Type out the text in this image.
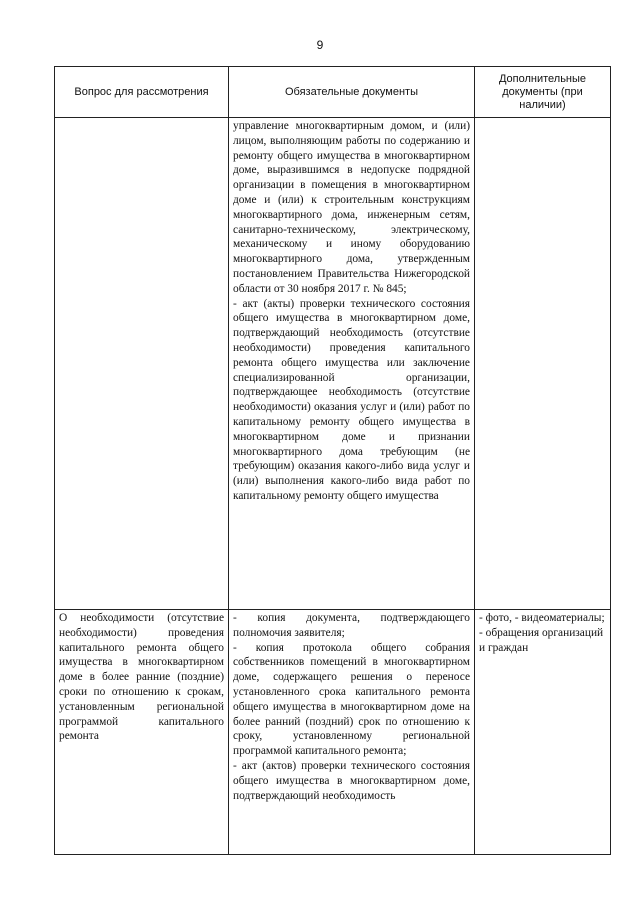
9
Вопрос для рассмотрения	Обязательные документы
Дополнительные документы (при наличии)
управление многоквартирным домом, и (или) лицом, выполняющим работы по содержанию и ремонту общего имущества в многоквартирном доме, выразившимся в недопуске подрядной организации в помещения в многоквартирном доме и (или) к строительным конструкциям многоквартирного дома, инженерным сетям, санитарно-техническому, электрическому, механическому и иному оборудованию многоквартирного дома, утвержденным постановлением Правительства Нижегородской области от 30 ноября 2017 г. № 845;
- акт (акты) проверки технического состояния общего имущества в многоквартирном доме, подтверждающий необходимость (отсутствие необходимости) проведения капитального ремонта общего имущества или заключение специализированной организации, подтверждающее необходимость (отсутствие необходимости) оказания услуг и (или) работ по капитальному ремонту общего имущества в многоквартирном доме и признании многоквартирного дома требующим (не требующим) оказания какого-либо вида услуг и (или) выполнения какого-либо вида работ по капитальному ремонту общего имущества
О необходимости (отсутствие необходимости) проведения капитального ремонта общего имущества в многоквартирном доме в более ранние (поздние) сроки по отношению к срокам, установленным региональной программой капитального ремонта
- копия документа, подтверждающего полномочия заявителя;
- копия протокола общего собрания собственников помещений в многоквартирном доме, содержащего решения о переносе установленного срока капитального ремонта общего имущества в многоквартирном доме на более ранний (поздний) срок по отношению к сроку, установленному региональной программой капитального ремонта;
- акт (актов) проверки технического состояния общего имущества в многоквартирном доме, подтверждающий необходимость
- фото, - видеоматериалы;
- обращения организаций и граждан
